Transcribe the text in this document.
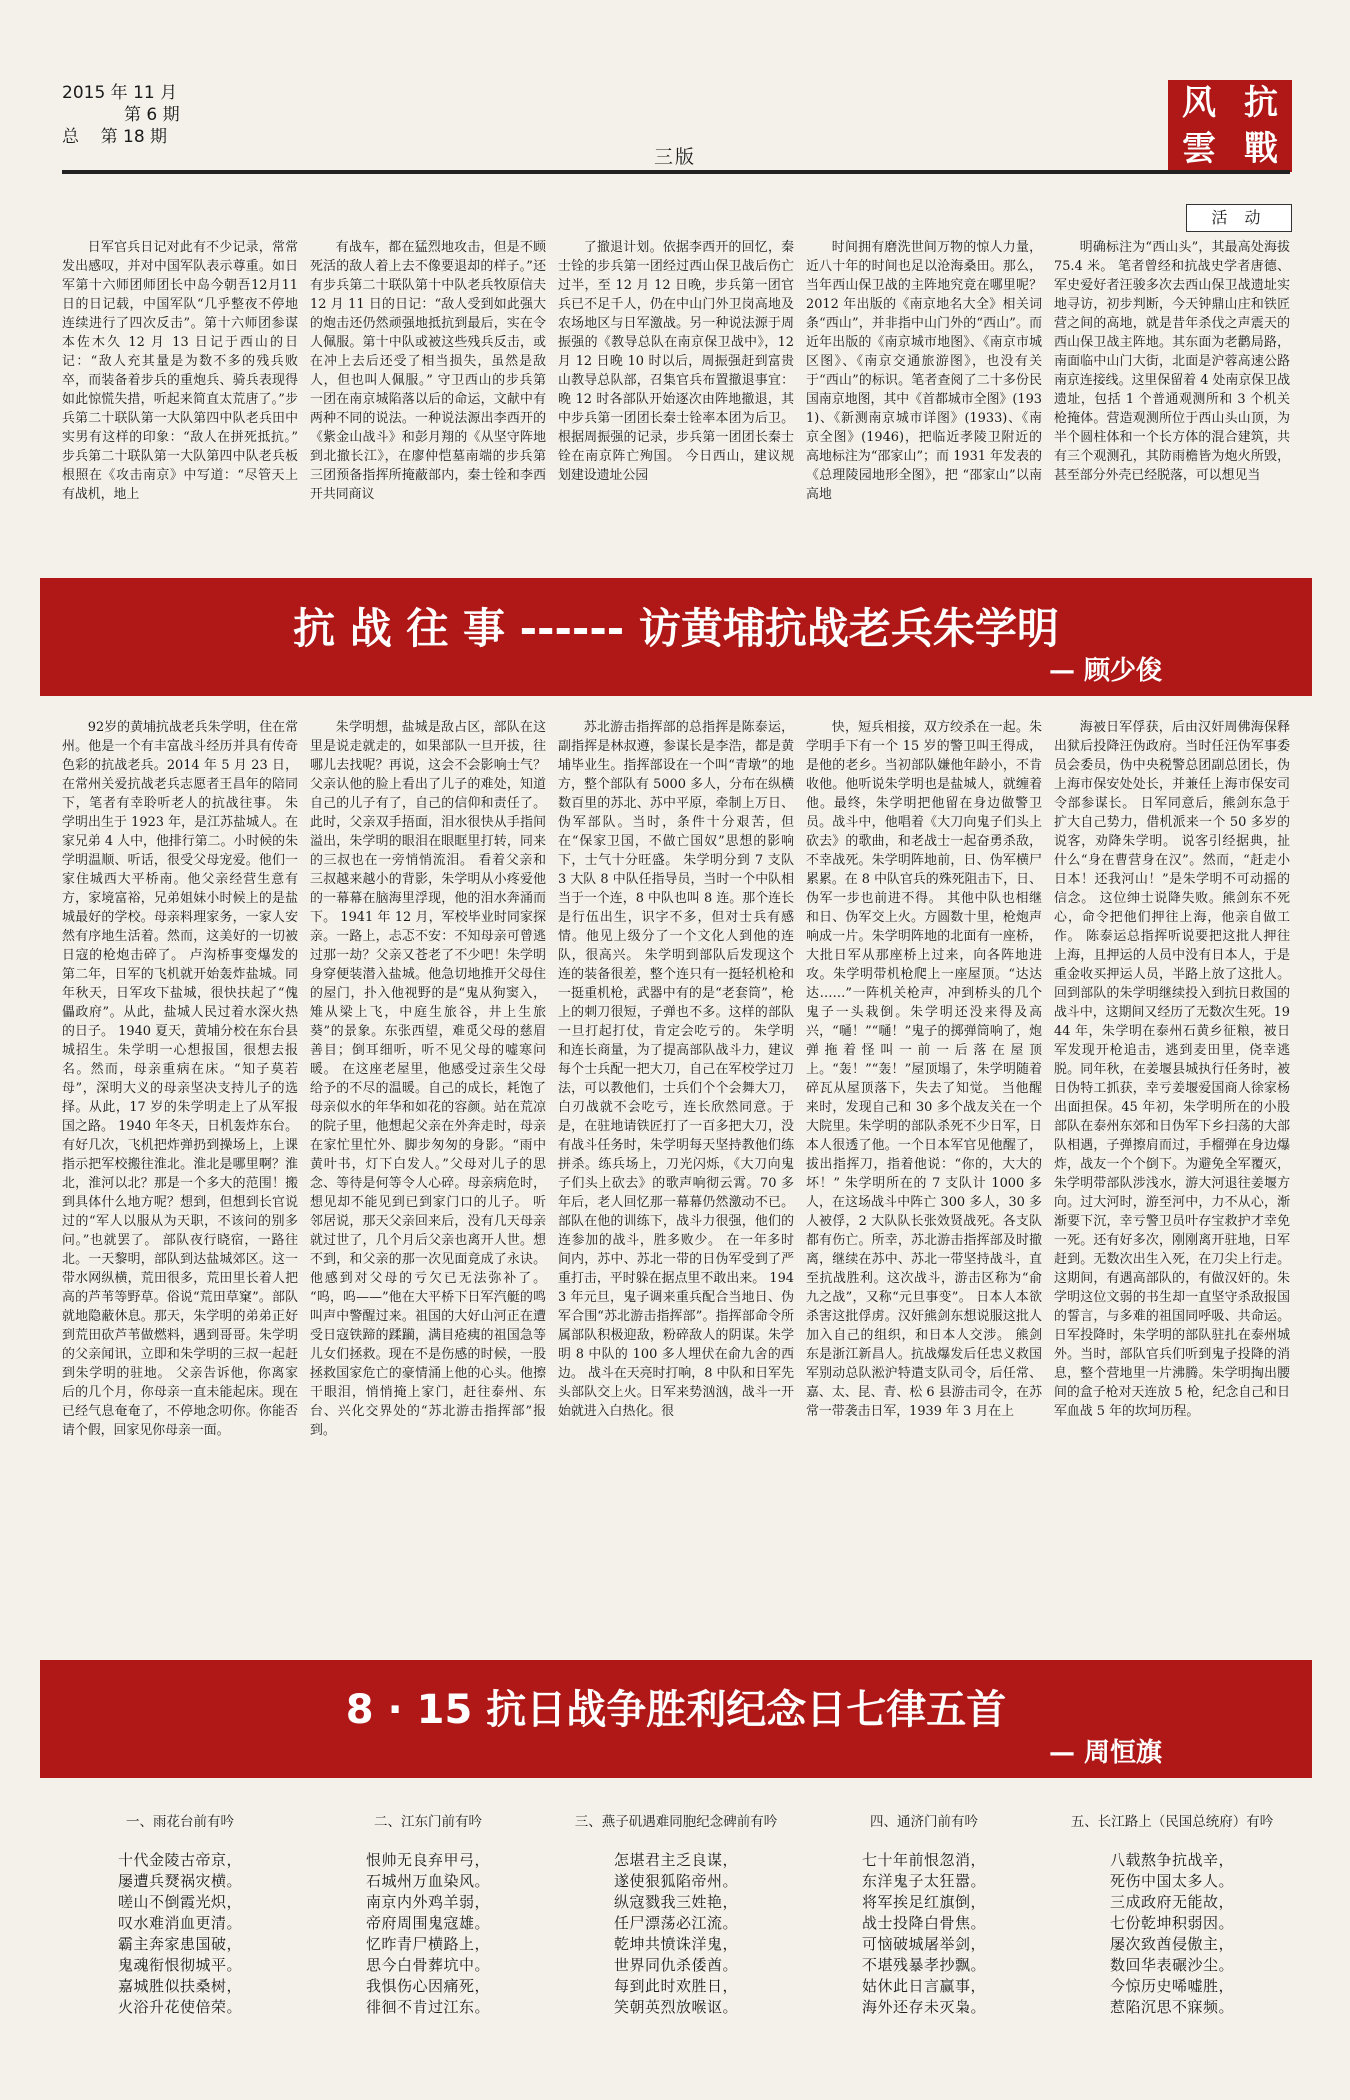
2015 年 11 月
第 6 期
总    第 18 期
三版
风 抗
雲 戰
活 动
日军官兵日记对此有不少记录，常常发出感叹，并对中国军队表示尊重。如日军第十六师团师团长中岛今朝吾12月11日的日记载，中国军队“几乎整夜不停地连续进行了四次反击”。第十六师团参谋本佐木久 12 月 13 日记于西山的日记：“敌人充其量是为数不多的残兵败卒，而装备着步兵的重炮兵、骑兵表现得如此惊慌失措，听起来简直太荒唐了。”步兵第二十联队第一大队第四中队老兵田中实男有这样的印象：“敌人在拼死抵抗。” 步兵第二十联队第一大队第四中队老兵板根照在《攻击南京》中写道：“尽管天上有战机，地上
有战车，都在猛烈地攻击，但是不顾死活的敌人着上去不像要退却的样子。”还有步兵第二十联队第十中队老兵牧原信夫 12 月 11 日的日记：“敌人受到如此强大的炮击还仍然顽强地抵抗到最后，实在令人佩服。第十中队或被这些残兵反击，或在冲上去后还受了相当损失，虽然是敌人，但也叫人佩服。” 守卫西山的步兵第一团在南京城陷落以后的命运，文献中有两种不同的说法。一种说法源出李西开的《紫金山战斗》和彭月翔的《从坚守阵地到北撤长江》，在廖仲恺墓南端的步兵第三团预备指挥所掩蔽部内，秦士铨和李西开共同商议
了撤退计划。依据李西开的回忆，秦士铨的步兵第一团经过西山保卫战后伤亡过半，至 12 月 12 日晚，步兵第一团官兵已不足千人，仍在中山门外卫岗高地及农场地区与日军激战。另一种说法源于周振强的《教导总队在南京保卫战中》，12 月 12 日晚 10 时以后，周振强赶到富贵山教导总队部，召集官兵布置撤退事宜：晚 12 时各部队开始逐次由阵地撤退，其中步兵第一团团长秦士铨率本团为后卫。根据周振强的记录，步兵第一团团长秦士铨在南京阵亡殉国。 今日西山，建议规划建设遗址公园
时间拥有磨洗世间万物的惊人力量，近八十年的时间也足以沧海桑田。那么，当年西山保卫战的主阵地究竟在哪里呢？2012 年出版的《南京地名大全》相关词条“西山”，并非指中山门外的“西山”。而近年出版的《南京城市地图》、《南京市城区图》、《南京交通旅游图》，也没有关于“西山”的标识。笔者查阅了二十多份民国南京地图，其中《首都城市全图》(1931)、《新测南京城市详图》(1933)、《南京全图》(1946)，把临近孝陵卫附近的高地标注为“邵家山”；而 1931 年发表的《总理陵园地形全图》，把 “邵家山”以南高地
明确标注为“西山头”，其最高处海拔 75.4 米。 笔者曾经和抗战史学者唐德、军史爱好者汪骏多次去西山保卫战遗址实地寻访，初步判断，今天钟鼎山庄和铁匠营之间的高地，就是昔年杀伐之声震天的西山保卫战主阵地。其东面为老鹳局路，南面临中山门大街，北面是沪蓉高速公路南京连接线。这里保留着 4 处南京保卫战遗址，包括 1 个普通观测所和 3 个机关枪掩体。营造观测所位于西山头山顶，为半个圆柱体和一个长方体的混合建筑，共有三个观测孔，其防雨檐皆为炮火所毁，甚至部分外壳已经脱落，可以想见当
抗 战 往 事 ------ 访黄埔抗战老兵朱学明
— 顾少俊
92岁的黄埔抗战老兵朱学明，住在常州。他是一个有丰富战斗经历并具有传奇色彩的抗战老兵。2014 年 5 月 23 日，在常州关爱抗战老兵志愿者王昌年的陪同下，笔者有幸聆听老人的抗战往事。 朱学明出生于 1923 年，是江苏盐城人。在家兄弟 4 人中，他排行第二。小时候的朱学明温顺、听话，很受父母宠爱。他们一家住城西大平桥南。他父亲经营生意有方，家境富裕，兄弟姐妹小时候上的是盐城最好的学校。母亲料理家务，一家人安然有序地生活着。然而，这美好的一切被日寇的枪炮击碎了。 卢沟桥事变爆发的第二年，日军的飞机就开始轰炸盐城。同年秋天，日军攻下盐城，很快扶起了“傀儡政府”。从此，盐城人民过着水深火热的日子。 1940 夏天，黄埔分校在东台县城招生。朱学明一心想报国，很想去报名。然而，母亲重病在床。“知子莫若母”，深明大义的母亲坚决支持儿子的选择。从此，17 岁的朱学明走上了从军报国之路。 1940 年冬天，日机轰炸东台。有好几次，飞机把炸弹扔到操场上，上课指示把军校搬往淮北。淮北是哪里啊？淮北，淮河以北？那是一个多大的范围！搬到具体什么地方呢？想到，但想到长官说过的“军人以服从为天职，不该问的别多问。”也就罢了。 部队夜行晓宿，一路往北。一天黎明，部队到达盐城郊区。这一带水网纵横，荒田很多，荒田里长着人把高的芦苇等野草。俗说“荒田草窠”。部队就地隐蔽休息。那天，朱学明的弟弟正好到荒田砍芦苇做燃料，遇到哥哥。朱学明的父亲闻讯，立即和朱学明的三叔一起赶到朱学明的驻地。 父亲告诉他，你离家后的几个月，你母亲一直未能起床。现在已经气息奄奄了，不停地念叨你。你能否请个假，回家见你母亲一面。
朱学明想，盐城是敌占区，部队在这里是说走就走的，如果部队一旦开拔，往哪儿去找呢？再说，这会不会影响士气？父亲认他的脸上看出了儿子的难处，知道自己的儿子有了，自己的信仰和责任了。此时，父亲双手捂面，泪水很快从手指间溢出，朱学明的眼泪在眼眶里打转，同来的三叔也在一旁悄悄流泪。 看着父亲和三叔越来越小的背影，朱学明从小疼爱他的一幕幕在脑海里浮现，他的泪水奔涌而下。 1941 年 12 月，军校毕业时同家探亲。一路上，忐忑不安：不知母亲可曾逃过那一劫？父亲又苍老了不少吧！朱学明身穿便装潜入盐城。他急切地推开父母住的屋门，扑入他视野的是“鬼从狗窦入，雉从梁上飞，中庭生旅谷，井上生旅葵”的景象。东张西望，难觅父母的慈眉善目；倒耳细听，听不见父母的嘘寒问暖。 在这座老屋里，他感受过亲生父母给予的不尽的温暖。自己的成长，耗饱了母亲似水的年华和如花的容颜。站在荒凉的院子里，他想起父亲在外奔走时，母亲在家忙里忙外、脚步匆匆的身影。“雨中黄叶书，灯下白发人。”父母对儿子的思念、等待是何等令人心碎。母亲病危时，想见却不能见到已到家门口的儿子。 听邻居说，那天父亲回来后，没有几天母亲就过世了，几个月后父亲也离开人世。想不到，和父亲的那一次见面竟成了永诀。他感到对父母的亏欠已无法弥补了。 “呜，呜——”他在大平桥下日军汽艇的鸣叫声中警醒过来。祖国的大好山河正在遭受日寇铁蹄的蹂躏，满目疮痍的祖国急等儿女们拯救。现在不是伤感的时候，一股拯救国家危亡的豪情涌上他的心头。他擦干眼泪，悄悄掩上家门，赶往泰州、东台、兴化交界处的“苏北游击指挥部”报到。
苏北游击指挥部的总指挥是陈泰运，副指挥是林叔遵，参谋长是李浩，都是黄埔毕业生。指挥部设在一个叫“青墩”的地方，整个部队有 5000 多人，分布在纵横数百里的苏北、苏中平原，牵制上万日、伪军部队。当时，条件十分艰苦，但在“保家卫国，不做亡国奴”思想的影响下，士气十分旺盛。 朱学明分到 7 支队 3 大队 8 中队任指导员，当时一个中队相当于一个连，8 中队也叫 8 连。那个连长是行伍出生，识字不多，但对士兵有感情。他见上级分了一个文化人到他的连队，很高兴。 朱学明到部队后发现这个连的装备很差，整个连只有一挺轻机枪和一挺重机枪，武器中有的是“老套筒”，枪上的刺刀很短，子弹也不多。这样的部队一旦打起打仗，肯定会吃亏的。 朱学明和连长商量，为了提高部队战斗力，建议每个士兵配一把大刀，自己在军校学过刀法，可以教他们，士兵们个个会舞大刀，白刃战就不会吃亏，连长欣然同意。于是，在驻地请铁匠打了一百多把大刀，没有战斗任务时，朱学明每天坚持教他们练拼杀。练兵场上，刀光闪烁，《大刀向鬼子们头上砍去》的歌声响彻云霄。70 多年后，老人回忆那一幕幕仍然激动不已。 部队在他的训练下，战斗力很强，他们的连参加的战斗，胜多败少。 在一年多时间内，苏中、苏北一带的日伪军受到了严重打击，平时躲在据点里不敢出来。 1943 年元旦，鬼子调来重兵配合当地日、伪军合围“苏北游击指挥部”。指挥部命令所属部队积极迎敌，粉碎敌人的阴谋。朱学明 8 中队的 100 多人埋伏在俞九舍的西边。 战斗在天亮时打响，8 中队和日军先头部队交上火。日军来势汹汹，战斗一开始就进入白热化。很
快，短兵相接，双方绞杀在一起。朱学明手下有一个 15 岁的警卫叫王得成，是他的老乡。当初部队嫌他年龄小，不肯收他。他听说朱学明也是盐城人，就缠着他。最终，朱学明把他留在身边做警卫员。战斗中，他唱着《大刀向鬼子们头上砍去》的歌曲，和老战士一起奋勇杀敌，不幸战死。朱学明阵地前，日、伪军横尸累累。在 8 中队官兵的殊死阻击下，日、伪军一步也前进不得。 其他中队也相继和日、伪军交上火。方圆数十里，枪炮声响成一片。朱学明阵地的北面有一座桥，大批日军从那座桥上过来，向各阵地进攻。朱学明带机枪爬上一座屋顶。“达达达……”一阵机关枪声，冲到桥头的几个鬼子一头栽倒。朱学明还没来得及高兴，“嗵！”“嗵！”鬼子的掷弹筒响了，炮弹拖着怪叫一前一后落在屋顶上。“轰！”“轰！”屋顶塌了，朱学明随着碎瓦从屋顶落下，失去了知觉。 当他醒来时，发现自己和 30 多个战友关在一个大院里。朱学明的部队杀死不少日军，日本人很透了他。一个日本军官见他醒了，拔出指挥刀，指着他说：“你的，大大的坏！” 朱学明所在的 7 支队计 1000 多人，在这场战斗中阵亡 300 多人，30 多人被俘，2 大队队长张效贤战死。各支队都有伤亡。所幸，苏北游击指挥部及时撤离，继续在苏中、苏北一带坚持战斗，直至抗战胜利。这次战斗，游击区称为“俞九之战”，又称“元旦事变”。 日本人本欲杀害这批俘虏。汉奸熊剑东想说服这批人加入自己的组织，和日本人交涉。 熊剑东是浙江新昌人。抗战爆发后任忠义救国军别动总队淞沪特遣支队司令，后任常、嘉、太、昆、青、松 6 县游击司令，在苏常一带袭击日军，1939 年 3 月在上
海被日军俘获，后由汉奸周佛海保释出狱后投降汪伪政府。当时任汪伪军事委员会委员，伪中央税警总团副总团长，伪上海市保安处处长，并兼任上海市保安司令部参谋长。 日军同意后，熊剑东急于扩大自己势力，借机派来一个 50 多岁的说客，劝降朱学明。 说客引经据典，扯什么“身在曹营身在汉”。然而，“赶走小日本！还我河山！”是朱学明不可动摇的信念。 这位绅士说降失败。熊剑东不死心，命令把他们押往上海，他亲自做工作。 陈泰运总指挥听说要把这批人押往上海，且押运的人员中没有日本人，于是重金收买押运人员，半路上放了这批人。 回到部队的朱学明继续投入到抗日救国的战斗中，这期间又经历了无数次生死。1944 年，朱学明在泰州石黄乡征粮，被日军发现开枪追击，逃到麦田里，侥幸逃脱。同年秋，在姜堰县城执行任务时，被日伪特工抓获，幸亏姜堰爱国商人徐家杨出面担保。45 年初，朱学明所在的小股部队在泰州东郊和日伪军下乡扫荡的大部队相遇，子弹擦肩而过，手榴弹在身边爆炸，战友一个个倒下。为避免全军覆灭，朱学明带部队涉浅水，游大河退往姜堰方向。过大河时，游至河中，力不从心，渐渐要下沉，幸亏警卫员叶存宝救护才幸免一死。还有好多次，刚刚离开驻地，日军赶到。无数次出生入死，在刀尖上行走。这期间，有遇高部队的，有做汉奸的。朱学明这位文弱的书生却一直坚守杀敌报国的誓言，与多难的祖国同呼吸、共命运。 日军投降时，朱学明的部队驻扎在泰州城外。当时，部队官兵们听到鬼子投降的消息，整个营地里一片沸腾。朱学明掏出腰间的盒子枪对天连放 5 枪，纪念自己和日军血战 5 年的坎坷历程。
8 · 15 抗日战争胜利纪念日七律五首
— 周恒旗
一、雨花台前有吟
十代金陵古帝京，
屡遭兵燹祸灾横。
嗟山不倒霞光炽，
叹水难消血更清。
霸主奔家患国破，
鬼魂衔恨彻城平。
嘉城胜似扶桑树，
火浴升花使倍荣。
二、江东门前有吟
恨帅无良弃甲弓，
石城州万血染风。
南京内外鸡羊弱，
帝府周围鬼寇雄。
忆昨青尸横路上，
思今白骨葬坑中。
我惧伤心因痛死，
徘徊不肯过江东。
三、燕子矶遇难同胞纪念碑前有吟
怎堪君主乏良谋，
遂使狠狐陷帝州。
纵寇戮我三姓艳，
任尸漂荡必江流。
乾坤共愤诛洋鬼，
世界同仇杀倭酋。
每到此时欢胜日，
笑朝英烈放喉讴。
四、通济门前有吟
七十年前恨忽消，
东洋鬼子太狂嚣。
将军挨足红旗倒，
战士投降白骨焦。
可恼破城屠举剑，
不堪残暴孝抄飘。
姑休此日言赢事，
海外还存未灭枭。
五、长江路上（民国总统府）有吟
八载熬争抗战辛，
死伤中国太多人。
三成政府无能故，
七份乾坤积弱因。
屡次致酋侵傲主，
数回华表碾沙尘。
今惊历史唏嘘胜，
惹陷沉思不寐频。
